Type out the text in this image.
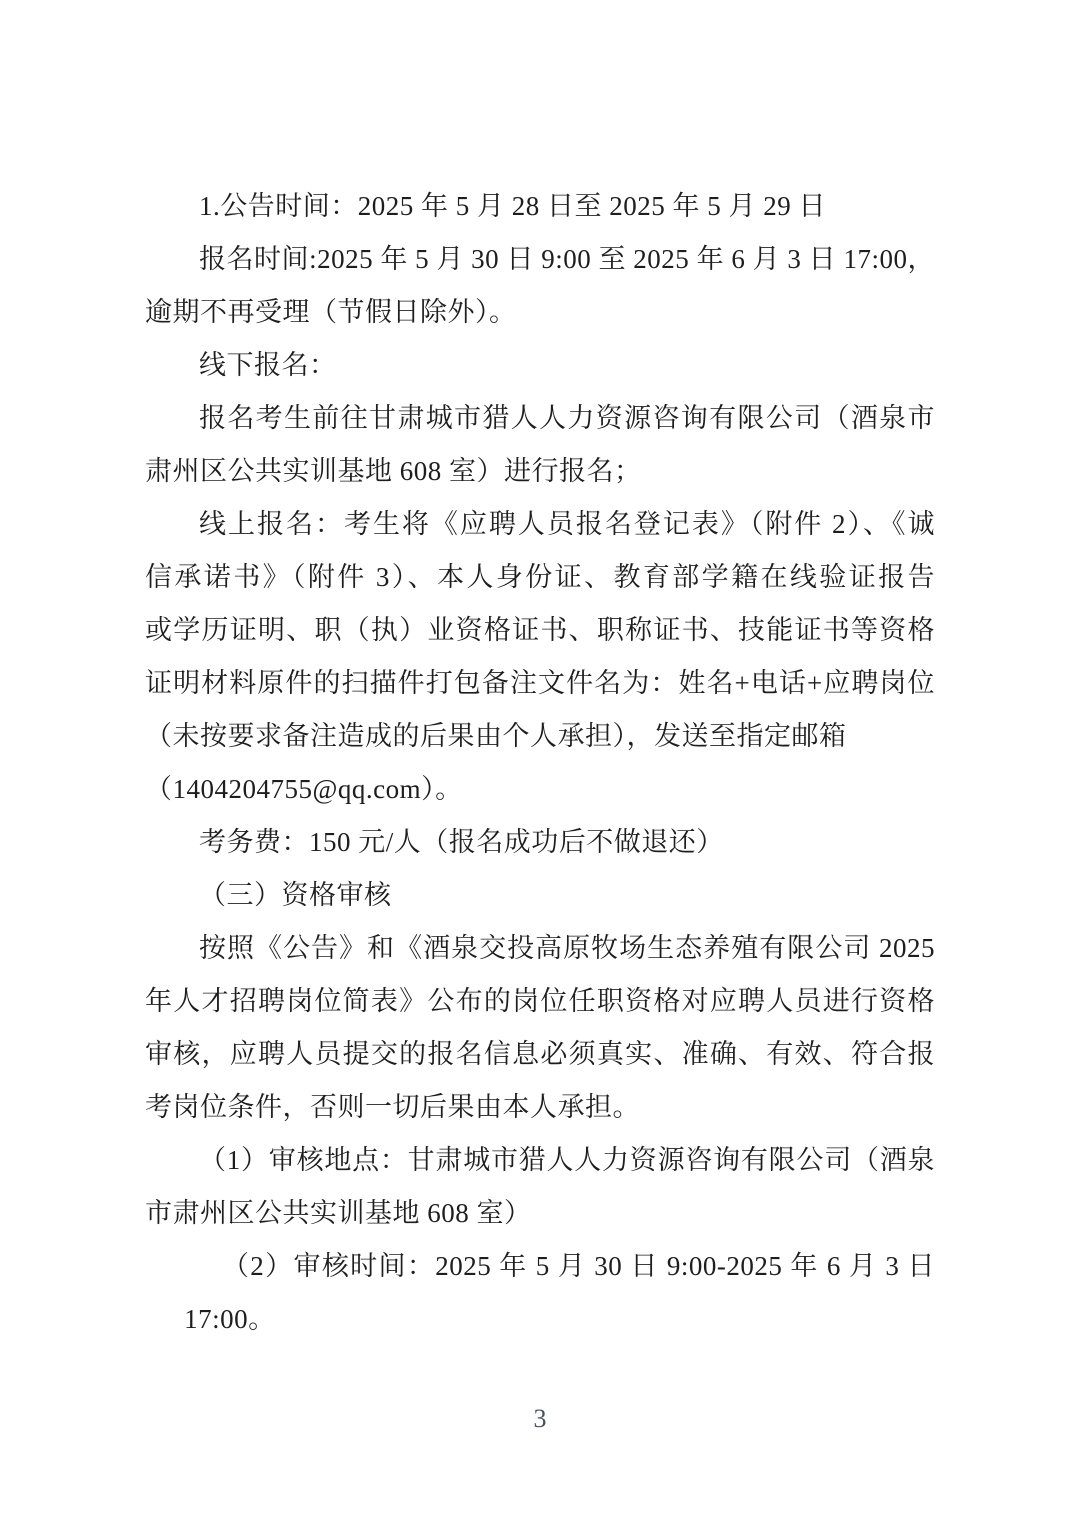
1.公告时间：2025 年 5 月 28 日至 2025 年 5 月 29 日
报名时间:2025 年 5 月 30 日 9:00 至 2025 年 6 月 3 日 17:00，
逾期不再受理（节假日除外）。
线下报名：
报名考生前往甘肃城市猎人人力资源咨询有限公司（酒泉市
肃州区公共实训基地 608 室）进行报名；
线上报名：考生将《应聘人员报名登记表》（附件 2）、《诚
信承诺书》（附件 3）、本人身份证、教育部学籍在线验证报告
或学历证明、职（执）业资格证书、职称证书、技能证书等资格
证明材料原件的扫描件打包备注文件名为：姓名+电话+应聘岗位
（未按要求备注造成的后果由个人承担），发送至指定邮箱
（1404204755@qq.com）。
考务费：150 元/人（报名成功后不做退还）
（三）资格审核
按照《公告》和《酒泉交投高原牧场生态养殖有限公司 2025
年人才招聘岗位简表》公布的岗位任职资格对应聘人员进行资格
审核，应聘人员提交的报名信息必须真实、准确、有效、符合报
考岗位条件，否则一切后果由本人承担。
（1）审核地点：甘肃城市猎人人力资源咨询有限公司（酒泉
市肃州区公共实训基地 608 室）
（2）审核时间：2025 年 5 月 30 日 9:00-2025 年 6 月 3 日
17:00。
3
